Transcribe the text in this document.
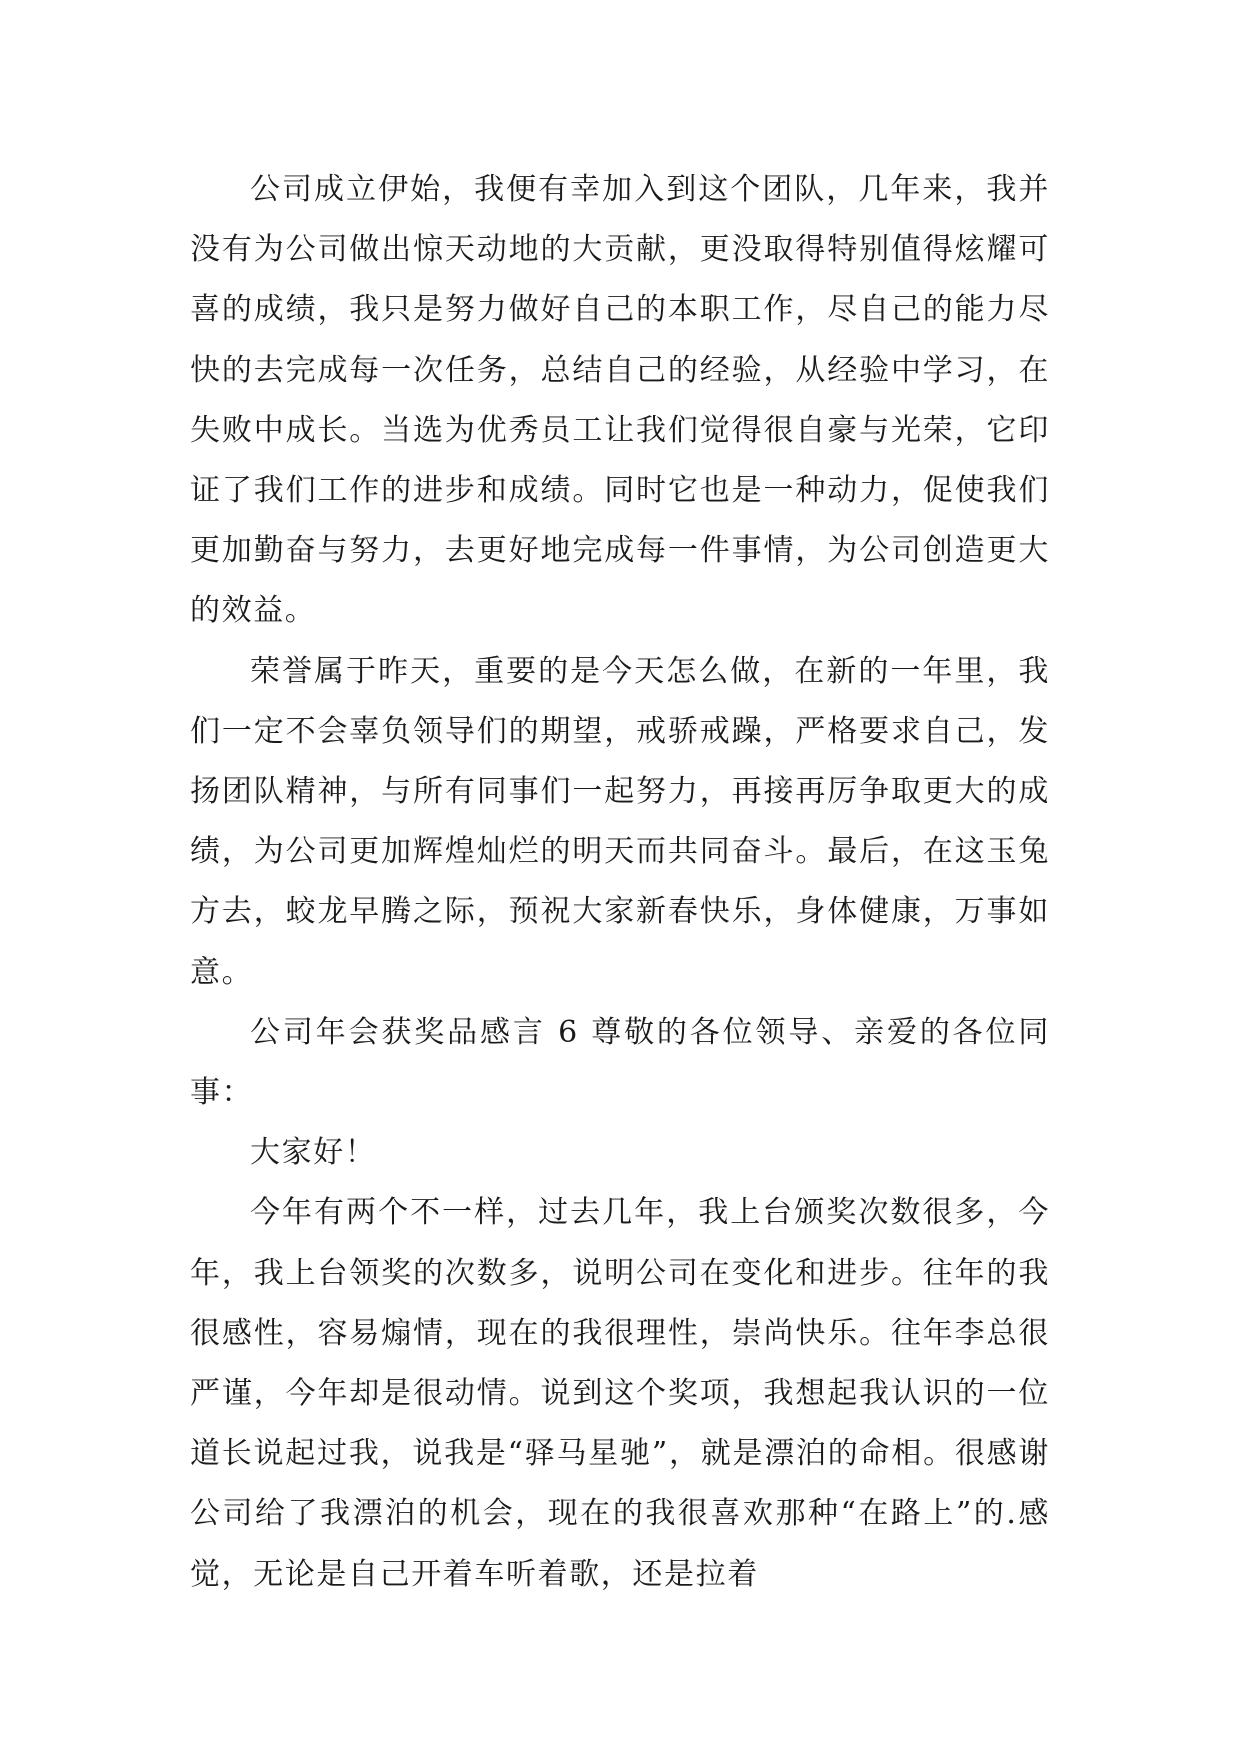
公司成立伊始，我便有幸加入到这个团队，几年来，我并没有为公司做出惊天动地的大贡献，更没取得特别值得炫耀可喜的成绩，我只是努力做好自己的本职工作，尽自己的能力尽快的去完成每一次任务，总结自己的经验，从经验中学习，在失败中成长。当选为优秀员工让我们觉得很自豪与光荣，它印证了我们工作的进步和成绩。同时它也是一种动力，促使我们更加勤奋与努力，去更好地完成每一件事情，为公司创造更大的效益。

荣誉属于昨天，重要的是今天怎么做，在新的一年里，我们一定不会辜负领导们的期望，戒骄戒躁，严格要求自己，发扬团队精神，与所有同事们一起努力，再接再厉争取更大的成绩，为公司更加辉煌灿烂的明天而共同奋斗。最后，在这玉兔方去，蛟龙早腾之际，预祝大家新春快乐，身体健康，万事如意。

公司年会获奖品感言 6 尊敬的各位领导、亲爱的各位同事：

大家好！

今年有两个不一样，过去几年，我上台颁奖次数很多，今年，我上台领奖的次数多，说明公司在变化和进步。往年的我很感性，容易煽情，现在的我很理性，崇尚快乐。往年李总很严谨，今年却是很动情。说到这个奖项，我想起我认识的一位道长说起过我，说我是“驿马星驰”，就是漂泊的命相。很感谢公司给了我漂泊的机会，现在的我很喜欢那种“在路上”的.感觉，无论是自己开着车听着歌，还是拉着
